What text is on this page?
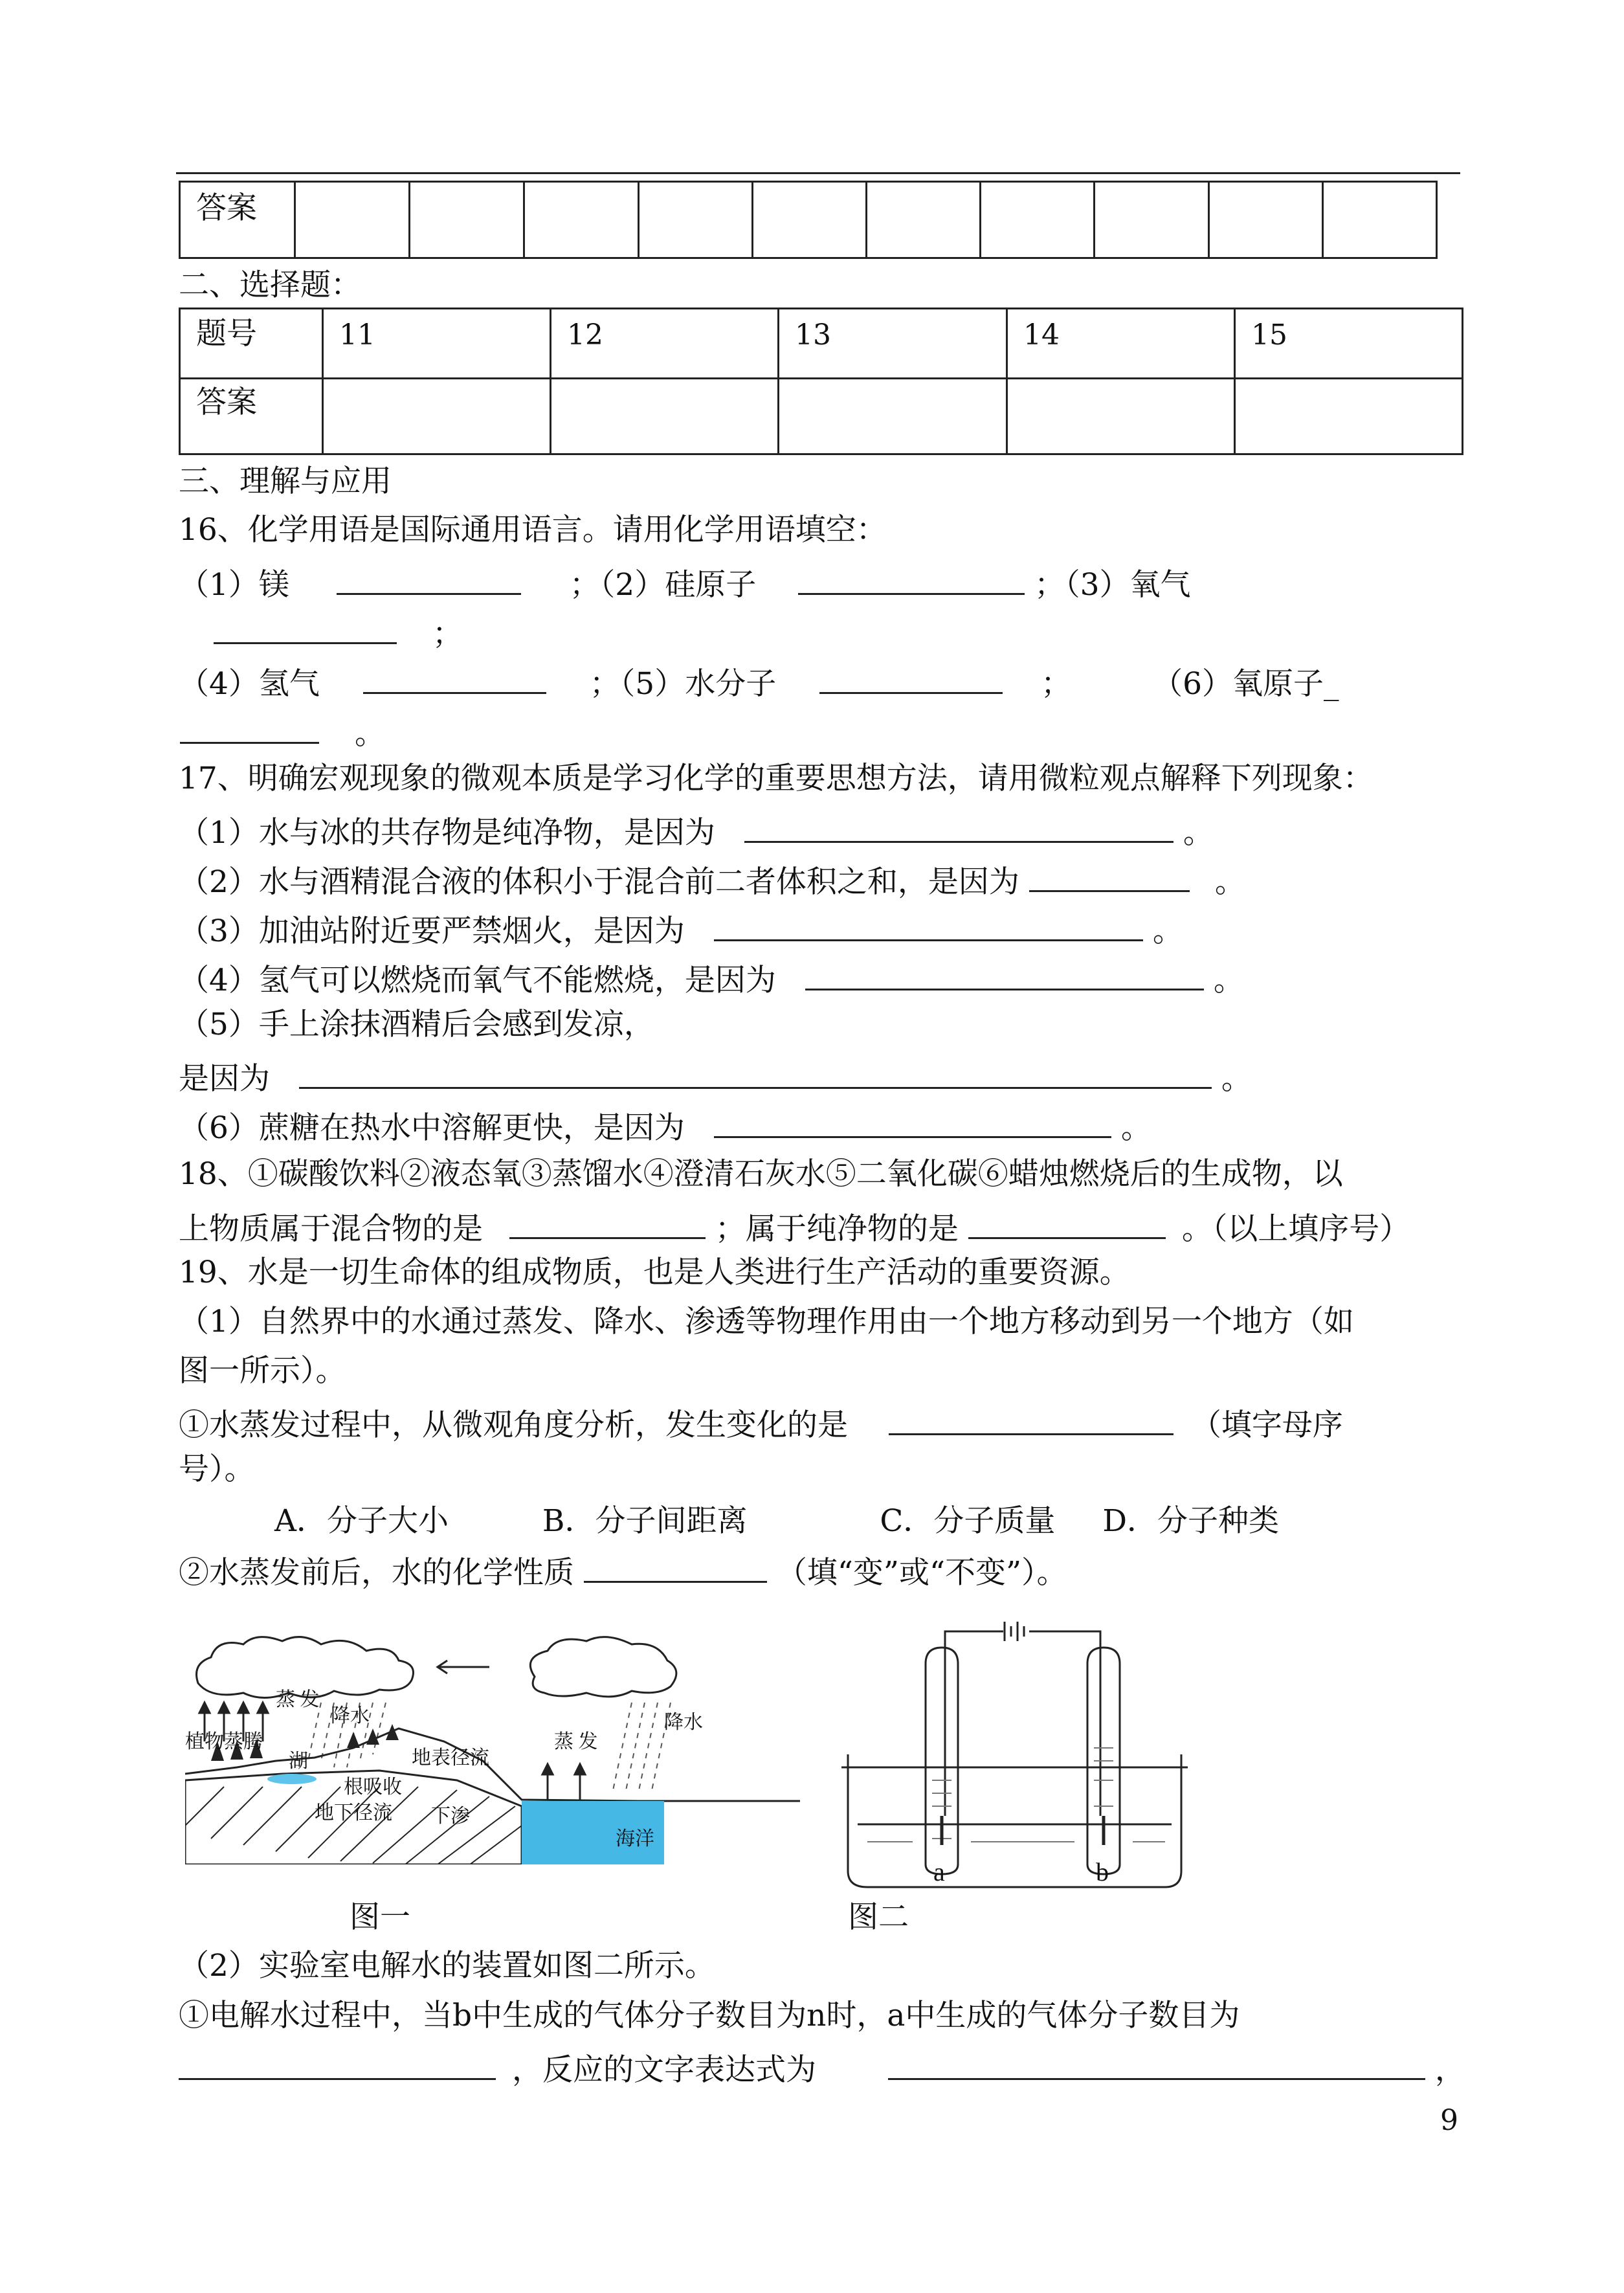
答案										
二、选择题：
题号	11	12	13	14	15
答案					
三、理解与应用
16、化学用语是国际通用语言。请用化学用语填空：
（1）镁	；（2）硅原子	；（3）氧气
；
（4）氢气	；（5）水分子	；	（6）氧原子_
。
17、明确宏观现象的微观本质是学习化学的重要思想方法，请用微粒观点解释下列现象：
（1）水与冰的共存物是纯净物，是因为	。
（2）水与酒精混合液的体积小于混合前二者体积之和，是因为	。
（3）加油站附近要严禁烟火，是因为	。
（4）氢气可以燃烧而氧气不能燃烧，是因为	。
（5）手上涂抹酒精后会感到发凉，
是因为	。
（6）蔗糖在热水中溶解更快，是因为	。
18、①碳酸饮料②液态氧③蒸馏水④澄清石灰水⑤二氧化碳⑥蜡烛燃烧后的生成物，以
上物质属于混合物的是	；属于纯净物的是	。（以上填序号）
19、水是一切生命体的组成物质，也是人类进行生产活动的重要资源。
（1）自然界中的水通过蒸发、降水、渗透等物理作用由一个地方移动到另一个地方（如
图一所示）。
①水蒸发过程中，从微观角度分析，发生变化的是	（填字母序
号）。
A．分子大小	B．分子间距离	C．分子质量 D．分子种类
②水蒸发前后，水的化学性质	（填“变”或“不变”）。
蒸 发
降水
植物蒸腾
湖	地表径流
根吸收
地下径流 下渗
海洋
蒸 发
降水
a	b
图一	图二
（2）实验室电解水的装置如图二所示。
①电解水过程中，当b中生成的气体分子数目为n时，a中生成的气体分子数目为
，反应的文字表达式为	，
9
